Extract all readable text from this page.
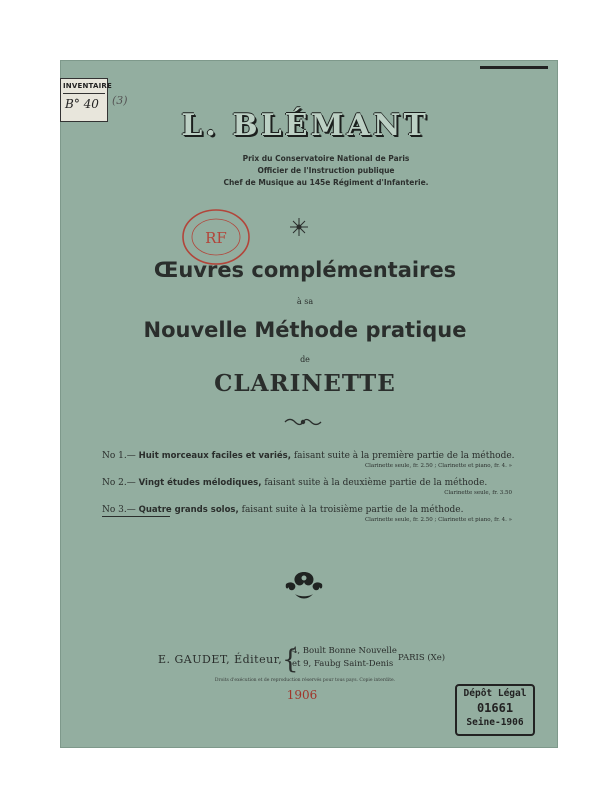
INVENTAIRE
B° 40 (3)
L. BLÉMANT
Prix du Conservatoire National de Paris
Officier de l'Instruction publique
Chef de Musique au 145e Régiment d'Infanterie.
RF
Œuvres complémentaires
à sa
Nouvelle Méthode pratique
de
CLARINETTE
No 1.— Huit morceaux faciles et variés, faisant suite à la première partie de la méthode.
Clarinette seule, fr. 2.50 ; Clarinette et piano, fr. 4. »
No 2.— Vingt études mélodiques, faisant suite à la deuxième partie de la méthode.
Clarinette seule, fr. 3.50
No 3.— Quatre grands solos, faisant suite à la troisième partie de la méthode.
Clarinette seule, fr. 2.50 ; Clarinette et piano, fr. 4. »
E. GAUDET, Éditeur, {
4, Boult Bonne Nouvelle
et 9, Faubg Saint-Denis
PARIS (Xe)
Droits d'exécution et de reproduction réservés pour tous pays. Copie interdite.
1906	Dépôt Légal
01661
Seine-1906
